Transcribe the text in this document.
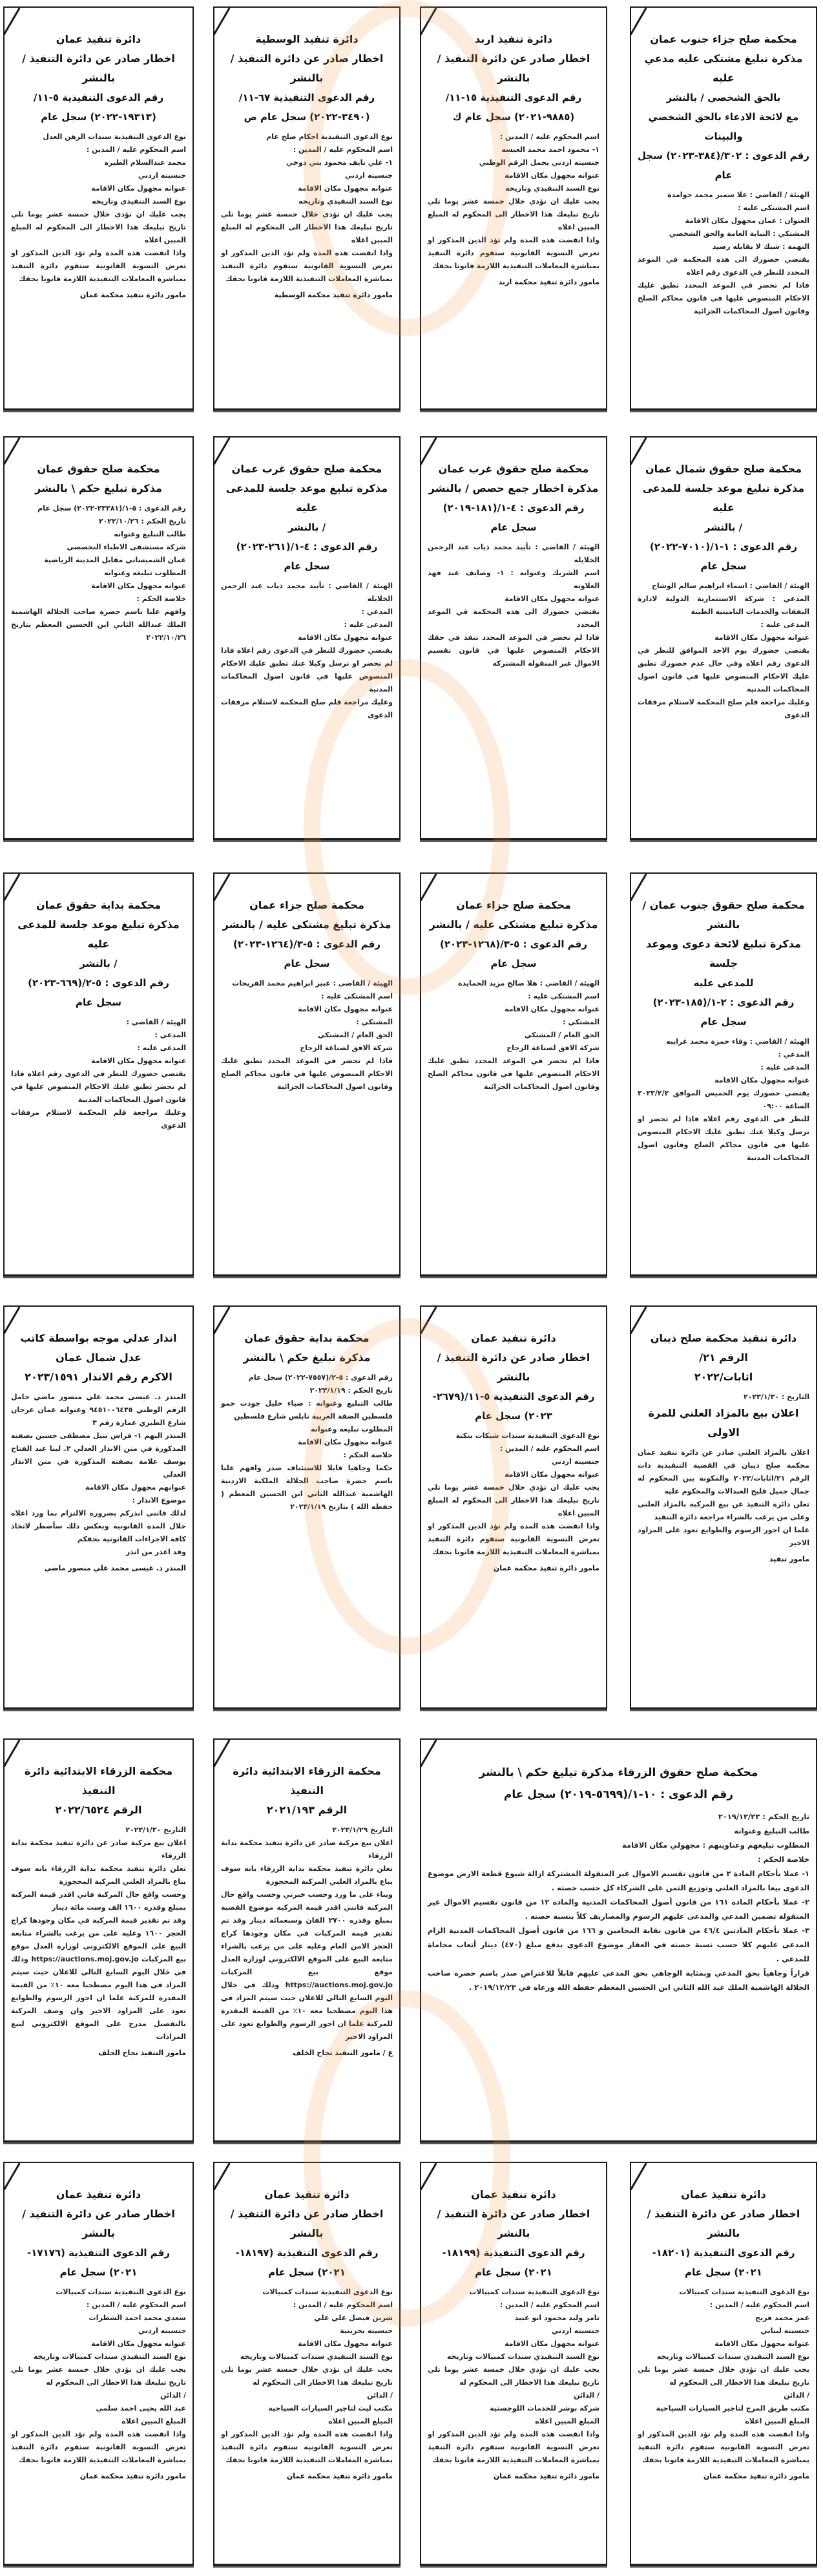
محكمة صلح جزاء جنوب عمان
مذكرة تبليغ مشتكى عليه مدعي عليه
بالحق الشخصي / بالنشر
مع لائحة الادعاء بالحق الشخصي
والبينات
رقم الدعوى : ٣٠٢/(٣٨٤-٢٠٢٣) سجل عام
الهيئة / القاضي : علا سمير محمد حوامدة
اسم المشتكى عليه :
العنوان : عمان مجهول مكان الاقامة
المشتكي : النيابة العامة والحق الشخصي
التهمة : شيك لا يقابله رصيد
يقتضي حضورك الى هذه المحكمة في الموعد المحدد للنظر في الدعوى رقم اعلاه
فاذا لم تحضر في الموعد المحدد تطبق عليك الاحكام المنصوص عليها في قانون محاكم الصلح وقانون اصول المحاكمات الجزائية
دائرة تنفيذ اربد
اخطار صادر عن دائرة التنفيذ / بالنشر
رقم الدعوى التنفيذية ١٥-١١/
(٩٨٨٥-٢٠٢١) سجل عام ك
اسم المحكوم عليه / المدين :
١- محمود احمد محمد العيسه
جنسيته اردني يحمل الرقم الوطني
عنوانه مجهول مكان الاقامة
نوع السند التنفيذي وتاريخه
يجب عليك ان تؤدي خلال خمسة عشر يوما تلي تاريخ تبليغك هذا الاخطار الى المحكوم له المبلغ المبين اعلاه
واذا انقضت هذه المدة ولم تؤد الدين المذكور او تعرض التسوية القانونية ستقوم دائرة التنفيذ بمباشرة المعاملات التنفيذية اللازمة قانونا بحقك
مامور دائرة تنفيذ محكمة اربد
دائرة تنفيذ الوسطية
اخطار صادر عن دائرة التنفيذ / بالنشر
رقم الدعوى التنفيذية ٦٧-١١/
(٣٤٩٠-٢٠٢٢) سجل عام ص
نوع الدعوى التنفيذية احكام صلح عام
اسم المحكوم عليه / المدين :
١- علي نايف محمود بني دوخي
جنسيته اردني
عنوانه مجهول مكان الاقامة
نوع السند التنفيذي وتاريخه
يجب عليك ان تؤدي خلال خمسة عشر يوما تلي تاريخ تبليغك هذا الاخطار الى المحكوم له المبلغ المبين اعلاه
واذا انقضت هذه المدة ولم تؤد الدين المذكور او تعرض التسوية القانونية ستقوم دائرة التنفيذ بمباشرة المعاملات التنفيذية اللازمة قانونا بحقك
مامور دائرة تنفيذ محكمة الوسطية
دائرة تنفيذ عمان
اخطار صادر عن دائرة التنفيذ / بالنشر
رقم الدعوى التنفيذية ٥-١١/
(١٩٣١٣-٢٠٢٢) سجل عام
نوع الدعوى التنفيذية سندات الرهن العدل
اسم المحكوم عليه / المدين :
محمد عبدالسلام الطيره
جنسيته اردني
عنوانه مجهول مكان الاقامة
نوع السند التنفيذي وتاريخه
يجب عليك ان تؤدي خلال خمسة عشر يوما تلي تاريخ تبليغك هذا الاخطار الى المحكوم له المبلغ المبين اعلاه
واذا انقضت هذه المدة ولم تؤد الدين المذكور او تعرض التسوية القانونية ستقوم دائرة التنفيذ بمباشرة المعاملات التنفيذية اللازمة قانونا بحقك
مامور دائرة تنفيذ محكمة عمان
محكمة صلح حقوق شمال عمان
مذكرة تبليغ موعد جلسة للمدعى عليه
/ بالنشر
رقم الدعوى : ١-١/(٧٠١٠-٢٠٢٢)
سجل عام
الهيئة / القاضي : اسماء ابراهيم سالم الوشاح
المدعي : شركة الاستثمارية الدولية لادارة النفقات والخدمات التامينية الطبية
المدعى عليه :
عنوانه مجهول مكان الاقامة
يقتضي حضورك يوم الاحد الموافق للنظر في الدعوى رقم اعلاه وفي حال عدم حضورك تطبق عليك الاحكام المنصوص عليها في قانون اصول المحاكمات المدنية
وعليك مراجعة قلم صلح المحكمة لاستلام مرفقات الدعوى
محكمة صلح حقوق غرب عمان
مذكرة اخطار جمع حصص / بالنشر
رقم الدعوى : ٤-١/(١٨١-٢٠١٩)
سجل عام
الهيئة / القاضي : تأييد محمد ذياب عبد الرحمن الخلايله
اسم الشريك وعنوانه : ١- وصايف عبد فهد العلاونه
عنوانه مجهول مكان الاقامة
يقتضي حضورك الى هذه المحكمة في الموعد المحدد
فاذا لم تحضر في الموعد المحدد تنفذ في حقك الاحكام المنصوص عليها في قانون تقسيم الاموال غير المنقولة المشتركة
محكمة صلح حقوق غرب عمان
مذكرة تبليغ موعد جلسة للمدعى عليه
/ بالنشر
رقم الدعوى : ٤-١/(٢٦١-٢٠٢٣)
سجل عام
الهيئة / القاضي : تأييد محمد ذياب عبد الرحمن الخلايله
المدعي :
المدعى عليه :
عنوانه مجهول مكان الاقامة
يقتضي حضورك للنظر في الدعوى رقم اعلاه فاذا لم تحضر او ترسل وكيلا عنك تطبق عليك الاحكام المنصوص عليها في قانون اصول المحاكمات المدنية
وعليك مراجعة قلم صلح المحكمة لاستلام مرفقات الدعوى
محكمة صلح حقوق عمان
مذكرة تبليغ حكم \ بالنشر
رقم الدعوى : ٥-١/(٢٣٣٨١-٢٠٢٢) سجل عام
تاريخ الحكم : ٢٠٢٢/١٠/٢٦
طالب التبليغ وعنوانه
شركة مستشفى الاطباء التخصصي
عمان الشميساني مقابل المدينة الرياضية
المطلوب تبليغه وعنوانه
عنوانه مجهول مكان الاقامة
خلاصة الحكم :
وافهم علنا باسم حضرة صاحب الجلالة الهاشمية الملك عبدالله الثاني ابن الحسين المعظم بتاريخ ٢٠٢٢/١٠/٢٦
محكمة صلح حقوق جنوب عمان / بالنشر
مذكرة تبليغ لائحة دعوى وموعد جلسة
للمدعى عليه
رقم الدعوى : ٢-١/(١٨٥-٢٠٢٣)
سجل عام
الهيئة / القاضي : وفاء حمزة محمد غرايبه
المدعي :
المدعى عليه :
عنوانه مجهول مكان الاقامة
يقتضي حضورك يوم الخميس الموافق ٢٠٢٣/٢/٢ الساعة ٠٩:٠٠
للنظر في الدعوى رقم اعلاه فاذا لم تحضر او ترسل وكيلا عنك تطبق عليك الاحكام المنصوص عليها في قانون محاكم الصلح وقانون اصول المحاكمات المدنية
محكمة صلح جزاء عمان
مذكرة تبليغ مشتكى عليه / بالنشر
رقم الدعوى : ٥-٣/(١٢٦٨-٢٠٢٣)
سجل عام
الهيئة / القاضي : هلا صالح مزيد الحمايدة
اسم المشتكى عليه :
عنوانه مجهول مكان الاقامة
المشتكي :
الحق العام / المشتكي
شركة الافق لصناعة الزجاج
فاذا لم تحضر في الموعد المحدد تطبق عليك الاحكام المنصوص عليها في قانون محاكم الصلح وقانون اصول المحاكمات الجزائية
محكمة صلح جزاء عمان
مذكرة تبليغ مشتكى عليه / بالنشر
رقم الدعوى : ٥-٣/(١٢٦٤-٢٠٢٣)
سجل عام
الهيئة / القاضي : عبير ابراهيم محمد الفريحات
اسم المشتكى عليه :
عنوانه مجهول مكان الاقامة
المشتكي :
الحق العام / المشتكي
شركة الافق لصناعة الزجاج
فاذا لم تحضر في الموعد المحدد تطبق عليك الاحكام المنصوص عليها في قانون محاكم الصلح وقانون اصول المحاكمات الجزائية
محكمة بداية حقوق عمان
مذكرة تبليغ موعد جلسة للمدعى عليه
/ بالنشر
رقم الدعوى : ٥-٢/(٦٦٩-٢٠٢٣)
سجل عام
الهيئة / القاضي :
المدعي :
المدعى عليه :
عنوانه مجهول مكان الاقامة
يقتضي حضورك للنظر في الدعوى رقم اعلاه فاذا لم تحضر تطبق عليك الاحكام المنصوص عليها في قانون اصول المحاكمات المدنية
وعليك مراجعة قلم المحكمة لاستلام مرفقات الدعوى
دائرة تنفيذ محكمة صلح ذيبان الرقم ٢١/
اثابات/٢٠٢٢
التاريخ : ٢٠٢٣/١/٣٠
اعلان بيع بالمزاد العلني للمرة الاولى
اعلان بالمزاد العلني صادر عن دائرة تنفيذ عمان محكمة صلح ذيبان في القضية التنفيذية ذات الرقم ٢١/اثابات/٢٠٢٢ والمكونة بين المحكوم له جمال جميل فليح العبدالات والمحكوم عليه
تعلن دائرة التنفيذ عن بيع المركبة بالمزاد العلني وعلى من يرغب بالشراء مراجعة دائرة التنفيذ
علما ان اجور الرسوم والطوابع تعود على المزاود الاخير
مامور تنفيذ
دائرة تنفيذ عمان
اخطار صادر عن دائرة التنفيذ / بالنشر
رقم الدعوى التنفيذية ٥-١١/(٢٦٧٩-
٢٠٢٣) سجل عام
نوع الدعوى التنفيذية سندات شيكات بنكية
اسم المحكوم عليه / المدين :
جنسيته اردني
عنوانه مجهول مكان الاقامة
يجب عليك ان تؤدي خلال خمسة عشر يوما تلي تاريخ تبليغك هذا الاخطار الى المحكوم له المبلغ المبين اعلاه
واذا انقضت هذه المدة ولم تؤد الدين المذكور او تعرض التسوية القانونية ستقوم دائرة التنفيذ بمباشرة المعاملات التنفيذية اللازمة قانونا بحقك
مامور دائرة تنفيذ محكمة عمان
محكمة بداية حقوق عمان
مذكرة تبليغ حكم \ بالنشر
رقم الدعوى : ٥-٢/(٧٥٥٧-٢٠٢٢) سجل عام
تاريخ الحكم : ٢٠٢٣/١/١٩
طالب التبليغ وعنوانه : ضياء خليل جودت حمو فلسطين الضفة الغربية نابلس شارع فلسطين
المطلوب تبليغه وعنوانه
عنوانه مجهول مكان الاقامة
خلاصة الحكم :
حكما وجاهيا قابلا للاستئناف صدر وافهم علنا باسم حضرة صاحب الجلالة الملكية الاردنية الهاشمية عبدالله الثاني ابن الحسين المعظم ( حفظه الله ) بتاريخ ٢٠٢٣/١/١٩
انذار عدلي موجه بواسطة كاتب عدل شمال عمان
الاكرم رقم الانذار ٢٠٢٣/١٥٩١
المنذر د. عيسى محمد علي منصور ماضي حامل الرقم الوطني ٩٤٥١٠٠٦٤٣٥ وعنوانه عمان عرجان شارع الطبري عمارة رقم ٣
المنذر اليهم ١- فراس نبيل مصطفى حسين بصفته المذكورة في متن الانذار العدلي ٢. لينا عبد الفتاح يوسف علامة بصفته المذكورة في متن الانذار العدلي
عنوانهم مجهول مكان الاقامة
موضوع الانذار :
لذلك فانني انذركم بضرورة الالتزام بما ورد اعلاه خلال المدة القانونية وبعكس ذلك سأضطر لاتخاذ كافة الاجراءات القانونية بحقكم
وقد اعذر من انذر
المنذر د. عيسى محمد علي منصور ماضي
محكمة صلح حقوق الزرقاء مذكرة تبليغ حكم \ بالنشر
رقم الدعوى : ١٠-١/(٥٦٩٩-٢٠١٩) سجل عام
تاريخ الحكم : ٢٠١٩/١٢/٢٣
طالب التبليغ وعنوانه
المطلوب تبليغهم وعناوينهم : مجهولي مكان الاقامة
خلاصة الحكم :
١- عملا بأحكام المادة ٢ من قانون تقسيم الاموال غير المنقولة المشتركة ازالة شيوع قطعة الارض موضوع الدعوى بيعا بالمزاد العلني وتوزيع الثمن على الشركاء كل حسب حصته .
٢- عملا بأحكام المادة ١٦١ من قانون أصول المحاكمات المدنية والمادة ١٢ من قانون تقسيم الاموال غير المنقولة تضمين المدعي والمدعى عليهم الرسوم والمصاريف كلاً بنسبة حصته .
٣- عملا بأحكام المادتين ٤٦/٤ من قانون نقابة المحامين و ١٦٦ من قانون أصول المحاكمات المدنية الزام المدعى عليهم كلا حسب نسبة حصته في العقار موضوع الدعوى بدفع مبلغ (٤٧٠) دينار أتعاب محاماة للمدعي .
قراراً وجاهياً بحق المدعي وبمثابة الوجاهي بحق المدعى عليهم قابلاً للاعتراض صدر باسم حضرة صاحب الجلالة الهاشمية الملك عبد الله الثاني ابن الحسين المعظم حفظه الله ورعاه في ٢٠١٩/١٢/٢٣ .
محكمة الزرقاء الابتدائية دائرة التنفيذ
الرقم ٢٠٢١/١٩٣
التاريخ ٢٠٢٣/١/٢٩
اعلان بيع مركبة صادر عن دائرة تنفيذ محكمة بداية الزرقاء
تعلن دائرة تنفيذ محكمة بداية الزرقاء بانه سوف يباع بالمزاد العلني المركبة المحجوزة
وبناء على ما ورد وحسب خبرتي وحسب واقع حال المركبة فانني اقدر قيمة المركبة موضوع القضية بمبلغ وقدره ٢٧٠٠ الفان وسبعمائة دينار وقد تم تقدير قيمة المركبات في مكان وجودها كراج الحجز الامن العام وعليه على من يرغب بالشراء متابعة البيع على الموقع الالكتروني لوزارة العدل موقع بيع المركبات https://auctions.moj.gov.jo وذلك في خلال اليوم السابع التالي للاعلان حيث سيتم المزاد في هذا اليوم مصطحبا معه ١٠٪ من القيمة المقدرة للمركبة علما ان اجور الرسوم والطوابع تعود على المزاود الاخير
ع / مامور التنفيذ نجاح الخلف
محكمة الزرقاء الابتدائية دائرة التنفيذ
الرقم ٢٠٢٢/٦٥٢٤
التاريخ ٢٠٢٣/١/٣٠
اعلان بيع مركبة صادر عن دائرة تنفيذ محكمة بداية الزرقاء
تعلن دائرة تنفيذ محكمة بداية الزرقاء بانه سوف يباع بالمزاد العلني المركبة المحجوزة
وحسب واقع حال المركبة فاني اقدر قيمة المركبة بمبلغ وقدره ١٦٠٠ الف وست مائة دينار
وقد تم تقدير قيمة المركبة في مكان وجودها كراج الحجز ١٦٠٠ وعليه على من يرغب بالشراء متابعة البيع على الموقع الالكتروني لوزارة العدل موقع بيع المركبات https://auctions.moj.gov.jo وذلك في خلال اليوم السابع التالي للاعلان حيث سيتم المزاد في هذا اليوم مصطحبا معه ١٠٪ من القيمة المقدرة للمركبة علما ان اجور الرسوم والطوابع تعود على المزاود الاخير وان وصف المركبة بالتفصيل مدرج على الموقع الالكتروني لبيع المزادات
مامور التنفيذ نجاح الخلف
دائرة تنفيذ عمان
اخطار صادر عن دائرة التنفيذ / بالنشر
رقم الدعوى التنفيذية (١٨٢٠١-
٢٠٢١) سجل عام
نوع الدعوى التنفيذية سندات كمبيالات
اسم المحكوم عليه / المدين :
عمر محمد فريح
جنسيته لبناني
عنوانه مجهول مكان الاقامة
نوع السند التنفيذي سندات كمبيالات وتاريخه
يجب عليك ان تؤدي خلال خمسة عشر يوما تلي تاريخ تبليغك هذا الاخطار الى المحكوم له
/ الدائن
مكتب طريق المرج لتاجير السيارات السياحية
المبلغ المبين اعلاه
واذا انقضت هذه المدة ولم تؤد الدين المذكور او تعرض التسوية القانونية ستقوم دائرة التنفيذ بمباشرة المعاملات التنفيذية اللازمة قانونا بحقك
مامور دائرة تنفيذ محكمة عمان
دائرة تنفيذ عمان
اخطار صادر عن دائرة التنفيذ / بالنشر
رقم الدعوى التنفيذية (١٨١٩٩-
٢٠٢١) سجل عام
نوع الدعوى التنفيذية سندات كمبيالات
اسم المحكوم عليه / المدين :
تامر وليد محمود ابو عبيد
جنسيته اردني
عنوانه مجهول مكان الاقامة
نوع السند التنفيذي سندات كمبيالات وتاريخه
يجب عليك ان تؤدي خلال خمسة عشر يوما تلي تاريخ تبليغك هذا الاخطار الى المحكوم له
/ الدائن
شركة بوشر للخدمات اللوجستية
المبلغ المبين اعلاه
واذا انقضت هذه المدة ولم تؤد الدين المذكور او تعرض التسوية القانونية ستقوم دائرة التنفيذ بمباشرة المعاملات التنفيذية اللازمة قانونا بحقك
مامور دائرة تنفيذ محكمة عمان
دائرة تنفيذ عمان
اخطار صادر عن دائرة التنفيذ / بالنشر
رقم الدعوى التنفيذية (١٨١٩٧-
٢٠٢١) سجل عام
نوع الدعوى التنفيذية سندات كمبيالات
اسم المحكوم عليه / المدين :
شرين فيصل علي علي
جنسيته بحرينية
عنوانه مجهول مكان الاقامة
نوع السند التنفيذي سندات كمبيالات وتاريخه
يجب عليك ان تؤدي خلال خمسة عشر يوما تلي تاريخ تبليغك هذا الاخطار الى المحكوم له
/ الدائن
مكتب ليث لتاجير السيارات السياحية
المبلغ المبين اعلاه
واذا انقضت هذه المدة ولم تؤد الدين المذكور او تعرض التسوية القانونية ستقوم دائرة التنفيذ بمباشرة المعاملات التنفيذية اللازمة قانونا بحقك
مامور دائرة تنفيذ محكمة عمان
دائرة تنفيذ عمان
اخطار صادر عن دائرة التنفيذ / بالنشر
رقم الدعوى التنفيذية (١٧١٧٦-
٢٠٢١) سجل عام
نوع الدعوى التنفيذية سندات كمبيالات
اسم المحكوم عليه / المدين :
سعدي محمد احمد الشطرات
جنسيته اردني
عنوانه مجهول مكان الاقامة
نوع السند التنفيذي سندات كمبيالات وتاريخه
يجب عليك ان تؤدي خلال خمسة عشر يوما تلي تاريخ تبليغك هذا الاخطار الى المحكوم له
/ الدائن
عبد الله يحيى احمد سلمي
المبلغ المبين اعلاه
واذا انقضت هذه المدة ولم تؤد الدين المذكور او تعرض التسوية القانونية ستقوم دائرة التنفيذ بمباشرة المعاملات التنفيذية اللازمة قانونا بحقك
مامور دائرة تنفيذ محكمة عمان
